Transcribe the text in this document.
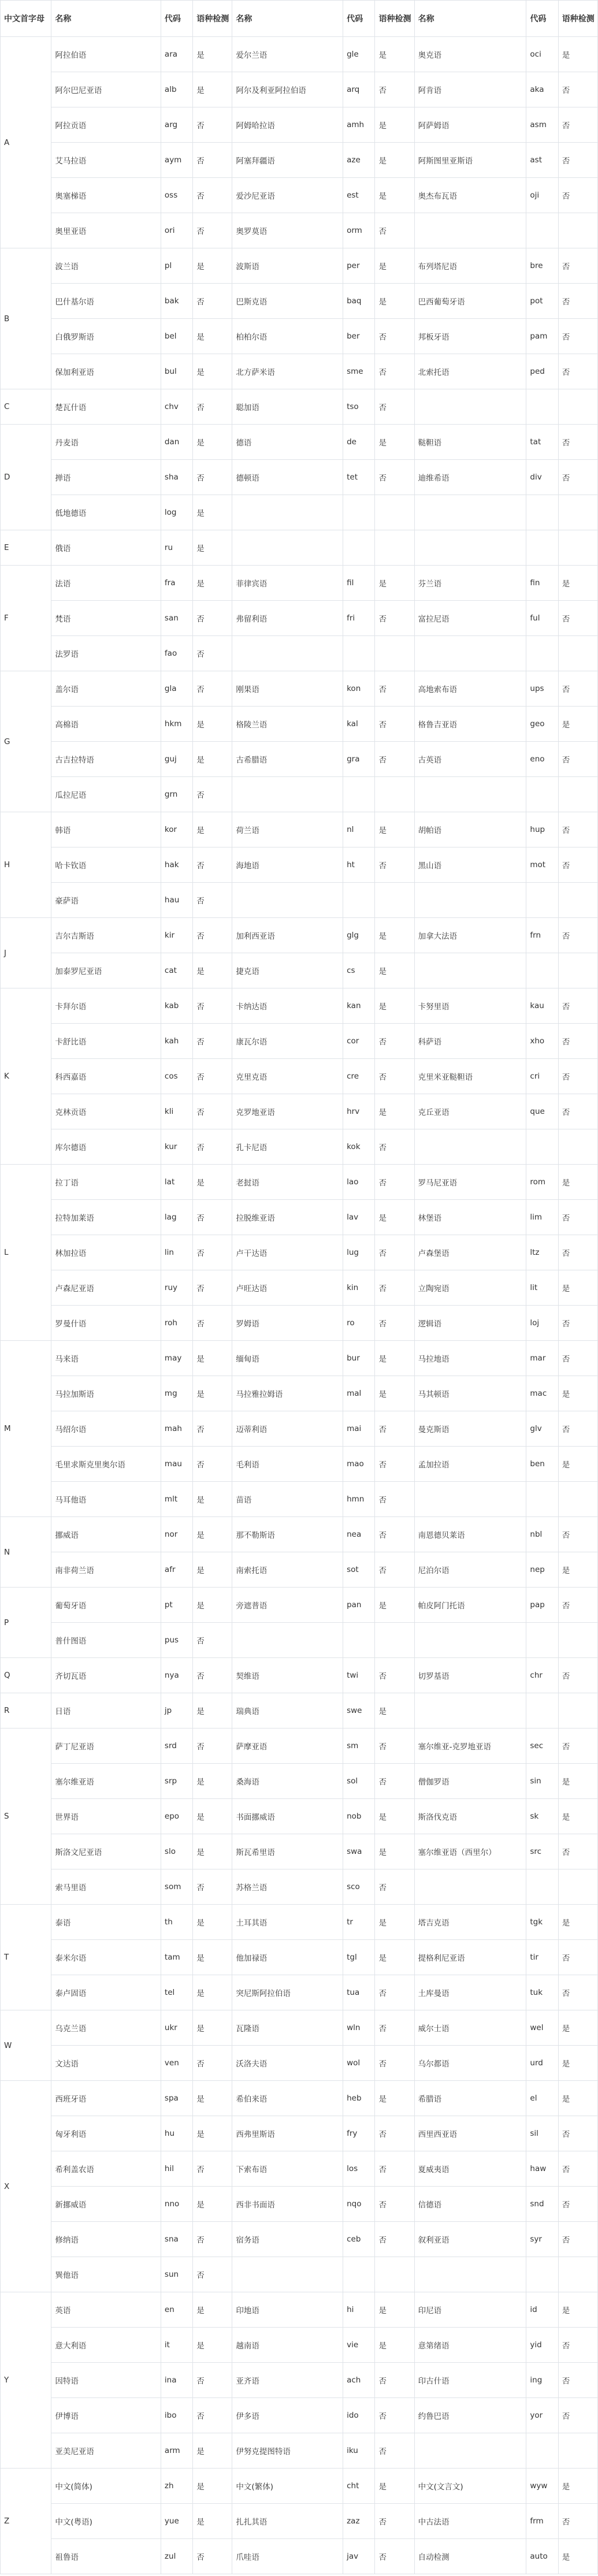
中文首字母	名称	代码	语种检测	名称	代码	语种检测	名称	代码	语种检测
A	阿拉伯语	ara	是	爱尔兰语	gle	是	奥克语	oci	是
	阿尔巴尼亚语	alb	是	阿尔及利亚阿拉伯语	arq	否	阿肯语	aka	否
	阿拉贡语	arg	否	阿姆哈拉语	amh	是	阿萨姆语	asm	否
	艾马拉语	aym	否	阿塞拜疆语	aze	是	阿斯图里亚斯语	ast	否
	奥塞梯语	oss	否	爱沙尼亚语	est	是	奥杰布瓦语	oji	否
	奥里亚语	ori	否	奥罗莫语	orm	否			
B	波兰语	pl	是	波斯语	per	是	布列塔尼语	bre	否
	巴什基尔语	bak	否	巴斯克语	baq	是	巴西葡萄牙语	pot	否
	白俄罗斯语	bel	是	柏柏尔语	ber	否	邦板牙语	pam	否
	保加利亚语	bul	是	北方萨米语	sme	否	北索托语	ped	否
C	楚瓦什语	chv	否	聪加语	tso	否			
D	丹麦语	dan	是	德语	de	是	鞑靼语	tat	否
	掸语	sha	否	德顿语	tet	否	迪维希语	div	否
	低地德语	log	是						
E	俄语	ru	是						
F	法语	fra	是	菲律宾语	fil	是	芬兰语	fin	是
	梵语	san	否	弗留利语	fri	否	富拉尼语	ful	否
	法罗语	fao	否						
G	盖尔语	gla	否	刚果语	kon	否	高地索布语	ups	否
	高棉语	hkm	是	格陵兰语	kal	否	格鲁吉亚语	geo	是
	古吉拉特语	guj	是	古希腊语	gra	否	古英语	eno	否
	瓜拉尼语	grn	否						
H	韩语	kor	是	荷兰语	nl	是	胡帕语	hup	否
	哈卡钦语	hak	否	海地语	ht	否	黑山语	mot	否
	豪萨语	hau	否						
J	吉尔吉斯语	kir	否	加利西亚语	glg	是	加拿大法语	frn	否
	加泰罗尼亚语	cat	是	捷克语	cs	是			
K	卡拜尔语	kab	否	卡纳达语	kan	是	卡努里语	kau	否
	卡舒比语	kah	否	康瓦尔语	cor	否	科萨语	xho	否
	科西嘉语	cos	否	克里克语	cre	否	克里米亚鞑靼语	cri	否
	克林贡语	kli	否	克罗地亚语	hrv	是	克丘亚语	que	否
	库尔德语	kur	否	孔卡尼语	kok	否			
L	拉丁语	lat	是	老挝语	lao	否	罗马尼亚语	rom	是
	拉特加莱语	lag	否	拉脱维亚语	lav	是	林堡语	lim	否
	林加拉语	lin	否	卢干达语	lug	否	卢森堡语	ltz	否
	卢森尼亚语	ruy	否	卢旺达语	kin	否	立陶宛语	lit	是
	罗曼什语	roh	否	罗姆语	ro	否	逻辑语	loj	否
M	马来语	may	是	缅甸语	bur	是	马拉地语	mar	否
	马拉加斯语	mg	是	马拉雅拉姆语	mal	是	马其顿语	mac	是
	马绍尔语	mah	否	迈蒂利语	mai	否	曼克斯语	glv	否
	毛里求斯克里奥尔语	mau	否	毛利语	mao	否	孟加拉语	ben	是
	马耳他语	mlt	是	苗语	hmn	否			
N	挪威语	nor	是	那不勒斯语	nea	否	南恩德贝莱语	nbl	否
	南非荷兰语	afr	是	南索托语	sot	否	尼泊尔语	nep	是
P	葡萄牙语	pt	是	旁遮普语	pan	是	帕皮阿门托语	pap	否
	普什图语	pus	否						
Q	齐切瓦语	nya	否	契维语	twi	否	切罗基语	chr	否
R	日语	jp	是	瑞典语	swe	是			
S	萨丁尼亚语	srd	否	萨摩亚语	sm	否	塞尔维亚-克罗地亚语	sec	否
	塞尔维亚语	srp	是	桑海语	sol	否	僧伽罗语	sin	是
	世界语	epo	是	书面挪威语	nob	是	斯洛伐克语	sk	是
	斯洛文尼亚语	slo	是	斯瓦希里语	swa	是	塞尔维亚语（西里尔）	src	否
	索马里语	som	否	苏格兰语	sco	否			
T	泰语	th	是	土耳其语	tr	是	塔吉克语	tgk	是
	泰米尔语	tam	是	他加禄语	tgl	是	提格利尼亚语	tir	否
	泰卢固语	tel	是	突尼斯阿拉伯语	tua	否	土库曼语	tuk	否
W	乌克兰语	ukr	是	瓦隆语	wln	否	威尔士语	wel	是
	文达语	ven	否	沃洛夫语	wol	否	乌尔都语	urd	是
X	西班牙语	spa	是	希伯来语	heb	是	希腊语	el	是
	匈牙利语	hu	是	西弗里斯语	fry	否	西里西亚语	sil	否
	希利盖农语	hil	否	下索布语	los	否	夏威夷语	haw	否
	新挪威语	nno	是	西非书面语	nqo	否	信德语	snd	否
	修纳语	sna	否	宿务语	ceb	否	叙利亚语	syr	否
	巽他语	sun	否						
Y	英语	en	是	印地语	hi	是	印尼语	id	是
	意大利语	it	是	越南语	vie	是	意第绪语	yid	否
	因特语	ina	否	亚齐语	ach	否	印古什语	ing	否
	伊博语	ibo	否	伊多语	ido	否	约鲁巴语	yor	否
	亚美尼亚语	arm	是	伊努克提图特语	iku	否			
Z	中文(简体)	zh	是	中文(繁体)	cht	是	中文(文言文)	wyw	是
	中文(粤语)	yue	是	扎扎其语	zaz	否	中古法语	frm	否
	祖鲁语	zul	否	爪哇语	jav	否	自动检测	auto	是
